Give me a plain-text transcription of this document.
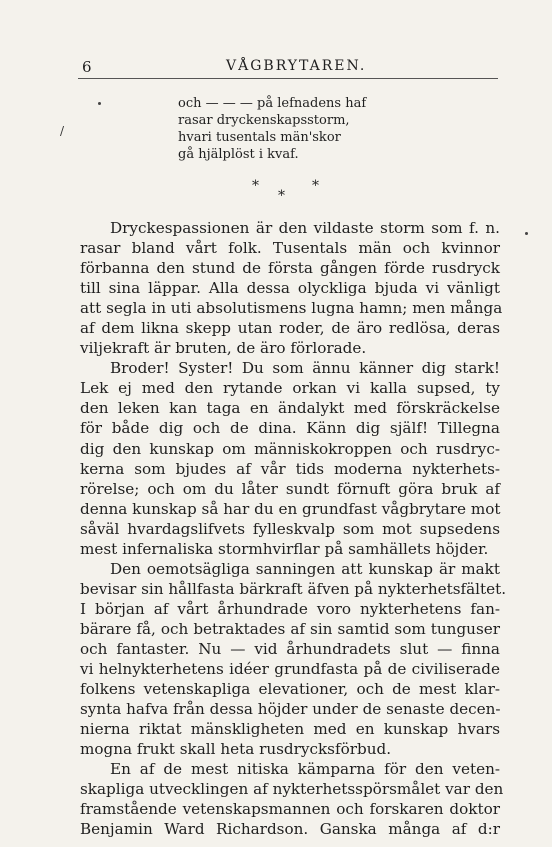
6	VÅGBRYTAREN.
och — — — på lefnadens haf
rasar dryckenskapsstorm,
hvari tusentals män'skor
gå hjälplöst i kvaf.
*	*
*
Dryckespassionen är den vildaste storm som f. n.
rasar bland vårt folk. Tusentals män och kvinnor
förbanna den stund de första gången förde rusdryck
till sina läppar. Alla dessa olyckliga bjuda vi vänligt
att segla in uti absolutismens lugna hamn; men många
af dem likna skepp utan roder, de äro redlösa, deras
viljekraft är bruten, de äro förlorade.
Broder! Syster! Du som ännu känner dig stark!
Lek ej med den rytande orkan vi kalla supsed, ty
den leken kan taga en ändalykt med förskräckelse
för både dig och de dina. Känn dig själf! Tillegna
dig den kunskap om människokroppen och rusdryc-
kerna som bjudes af vår tids moderna nykterhets-
rörelse; och om du låter sundt förnuft göra bruk af
denna kunskap så har du en grundfast vågbrytare mot
såväl hvardagslifvets fylleskvalp som mot supsedens
mest infernaliska stormhvirflar på samhällets höjder.
Den oemotsägliga sanningen att kunskap är makt
bevisar sin hållfasta bärkraft äfven på nykterhetsfältet.
I början af vårt århundrade voro nykterhetens fan-
bärare få, och betraktades af sin samtid som tunguser
och fantaster. Nu — vid århundradets slut — finna
vi helnykterhetens idéer grundfasta på de civiliserade
folkens vetenskapliga elevationer, och de mest klar-
synta hafva från dessa höjder under de senaste decen-
nierna riktat mänskligheten med en kunskap hvars
mogna frukt skall heta rusdrycksförbud.
En af de mest nitiska kämparna för den veten-
skapliga utvecklingen af nykterhetsspörsmålet var den
framstående vetenskapsmannen och forskaren doktor
Benjamin Ward Richardson. Ganska många af d:r
/
